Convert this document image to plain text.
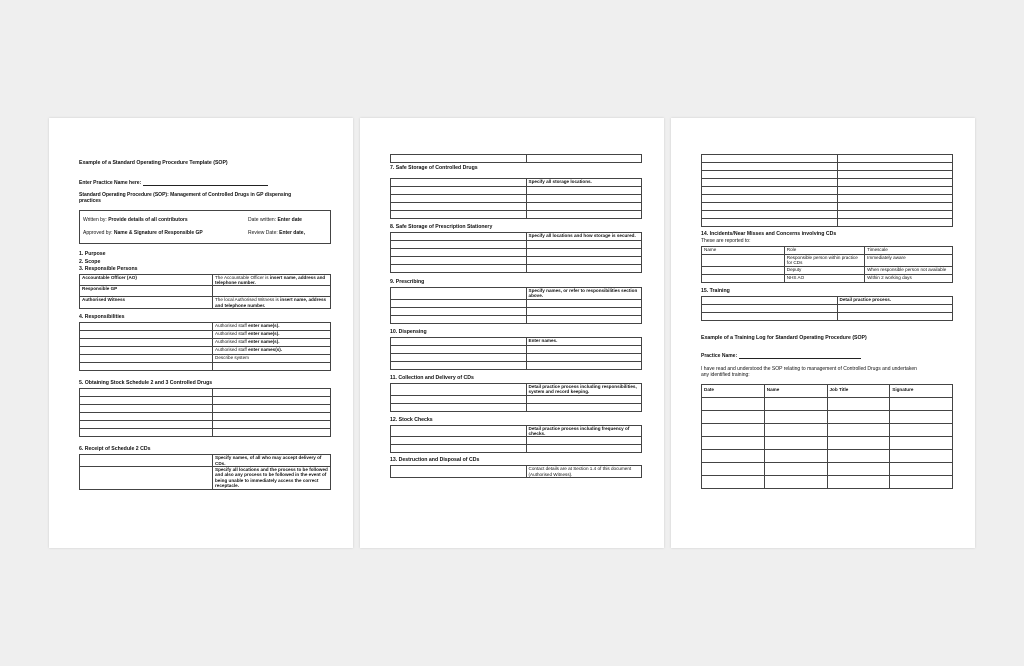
Example of a Standard Operating Procedure Template (SOP)
Enter Practice Name here:
Standard Operating Procedure (SOP): Management of Controlled Drugs in GP dispensing practices
Written by: Provide details of all contributors	Date written: Enter date
Approved by: Name & Signature of Responsible GP	Review Date: Enter date,
1. Purpose
2. Scope
3. Responsible Persons
Accountable Officer (AO)	The Accountable Officer is insert name, address and telephone number.
Responsible GP	
Authorised Witness	The local Authorised Witness is insert name, address and telephone number.
4. Responsibilities
	Authorised staff enter name(s).
	Authorised staff enter name(s).
	Authorised staff enter name(s).
	Authorised staff enter names(s).
	Describe system

5. Obtaining Stock Schedule 2 and 3 Controlled Drugs

6. Receipt of Schedule 2 CDs
	Specify names, of all who may accept delivery of CDs.
	Specify all locations and the process to be followed and also any process to be followed in the event of being unable to immediately access the correct receptacle.

7. Safe Storage of Controlled Drugs
	Specify all storage locations.

8. Safe Storage of Prescription Stationery
	Specify all locations and how storage is secured.

9. Prescribing
	Specify names, or refer to responsibilities section above.

10. Dispensing
	Enter names.

11. Collection and Delivery of CDs
	Detail practice process including responsibilities, system and record keeping.

12. Stock Checks
	Detail practice process including frequency of checks.

13. Destruction and Disposal of CDs
	Contact details are at Section 1.4 of this document (Authorised Witness).

14. Incidents/Near Misses and Concerns involving CDs
These are reported to:
Name	Role	Timescale
	Responsible person within practice for CDs	Immediately aware
	Deputy	When responsible person not available
	NHS AO	Within 2 working days
15. Training
	Detail practice process.

Example of a Training Log for Standard Operating Procedure (SOP)
Practice Name:
I have read and understood the SOP relating to management of Controlled Drugs and undertaken any identified training:
Date	Name	Job Title	Signature
